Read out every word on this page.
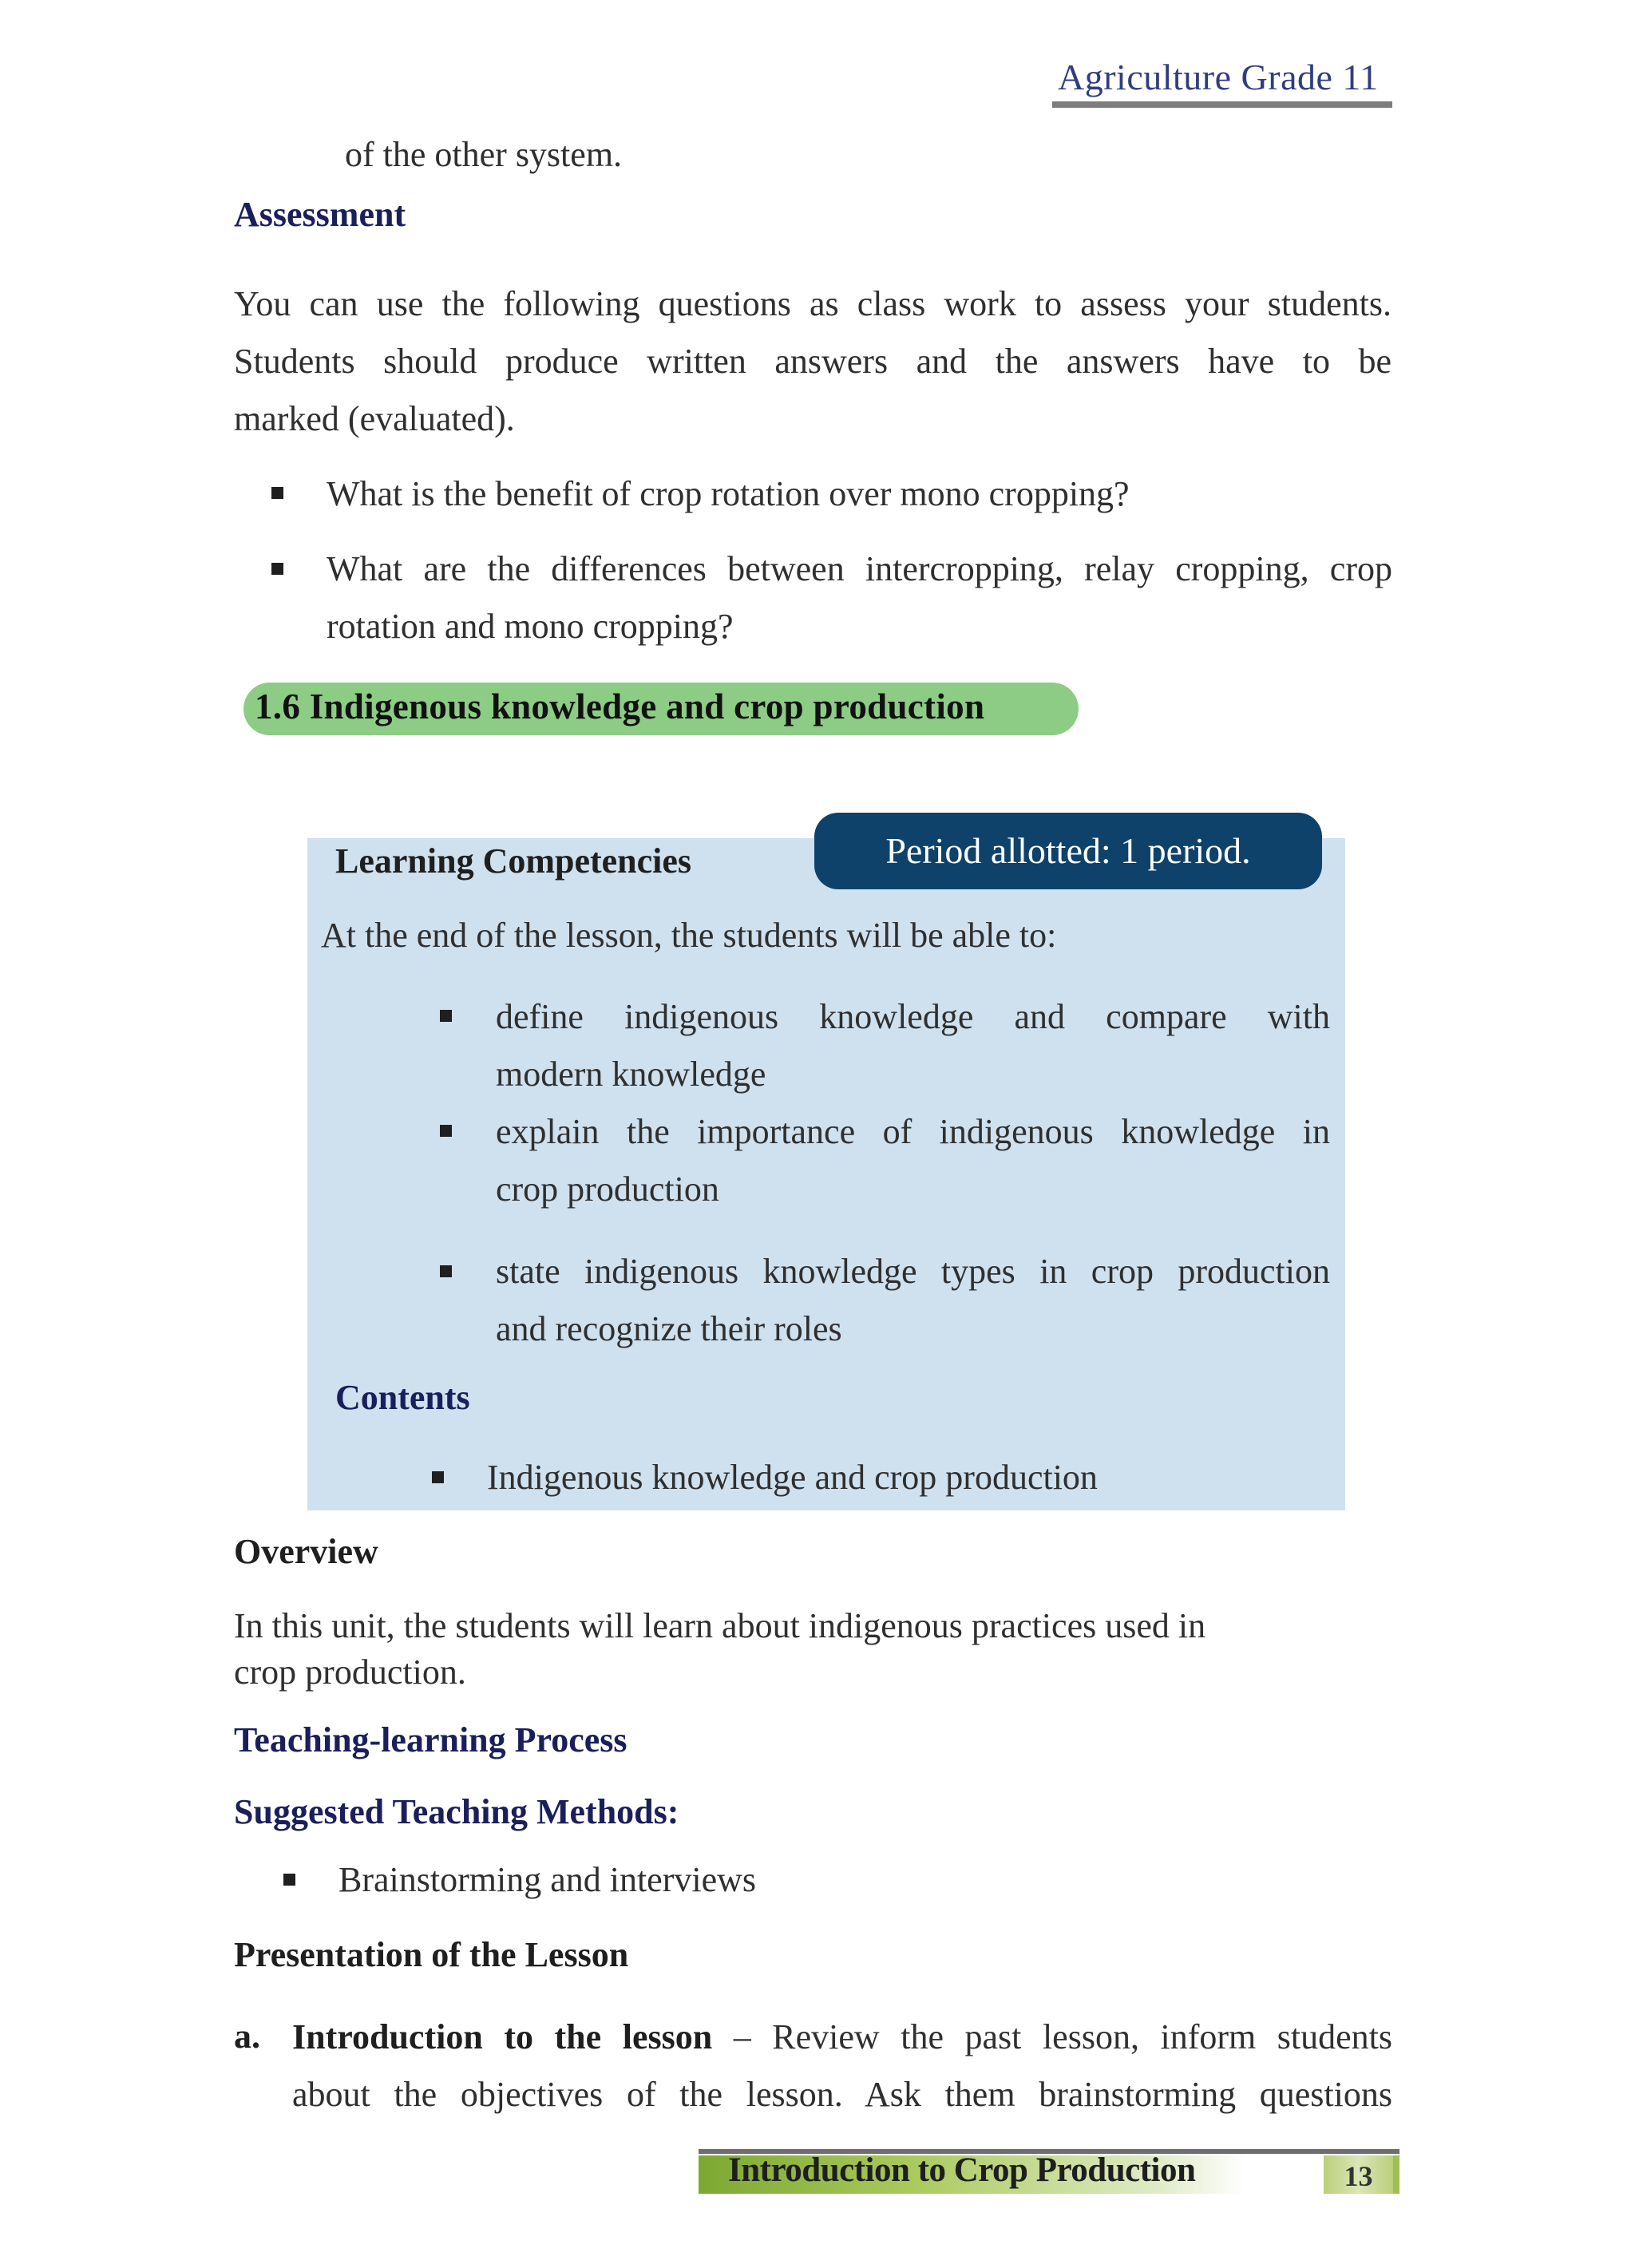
Agriculture Grade 11
of the other system.
Assessment
You can use the following questions as class work to assess your students.
Students should produce written answers and the answers have to be
marked (evaluated).
What is the benefit of crop rotation over mono cropping?
What are the differences between intercropping, relay cropping, crop
rotation and mono cropping?
1.6 Indigenous knowledge and crop production
Period allotted: 1 period.
Learning Competencies
At the end of the lesson, the students will be able to:
define indigenous knowledge and compare with
modern knowledge
explain the importance of indigenous knowledge in
crop production
state indigenous knowledge types in crop production
and recognize their roles
Contents
Indigenous knowledge and crop production
Overview
In this unit, the students will learn about indigenous practices used in
crop production.
Teaching-learning Process
Suggested Teaching Methods:
Brainstorming and interviews
Presentation of the Lesson
a. Introduction to the lesson – Review the past lesson, inform students
about the objectives of the lesson. Ask them brainstorming questions
Introduction to Crop Production	13
